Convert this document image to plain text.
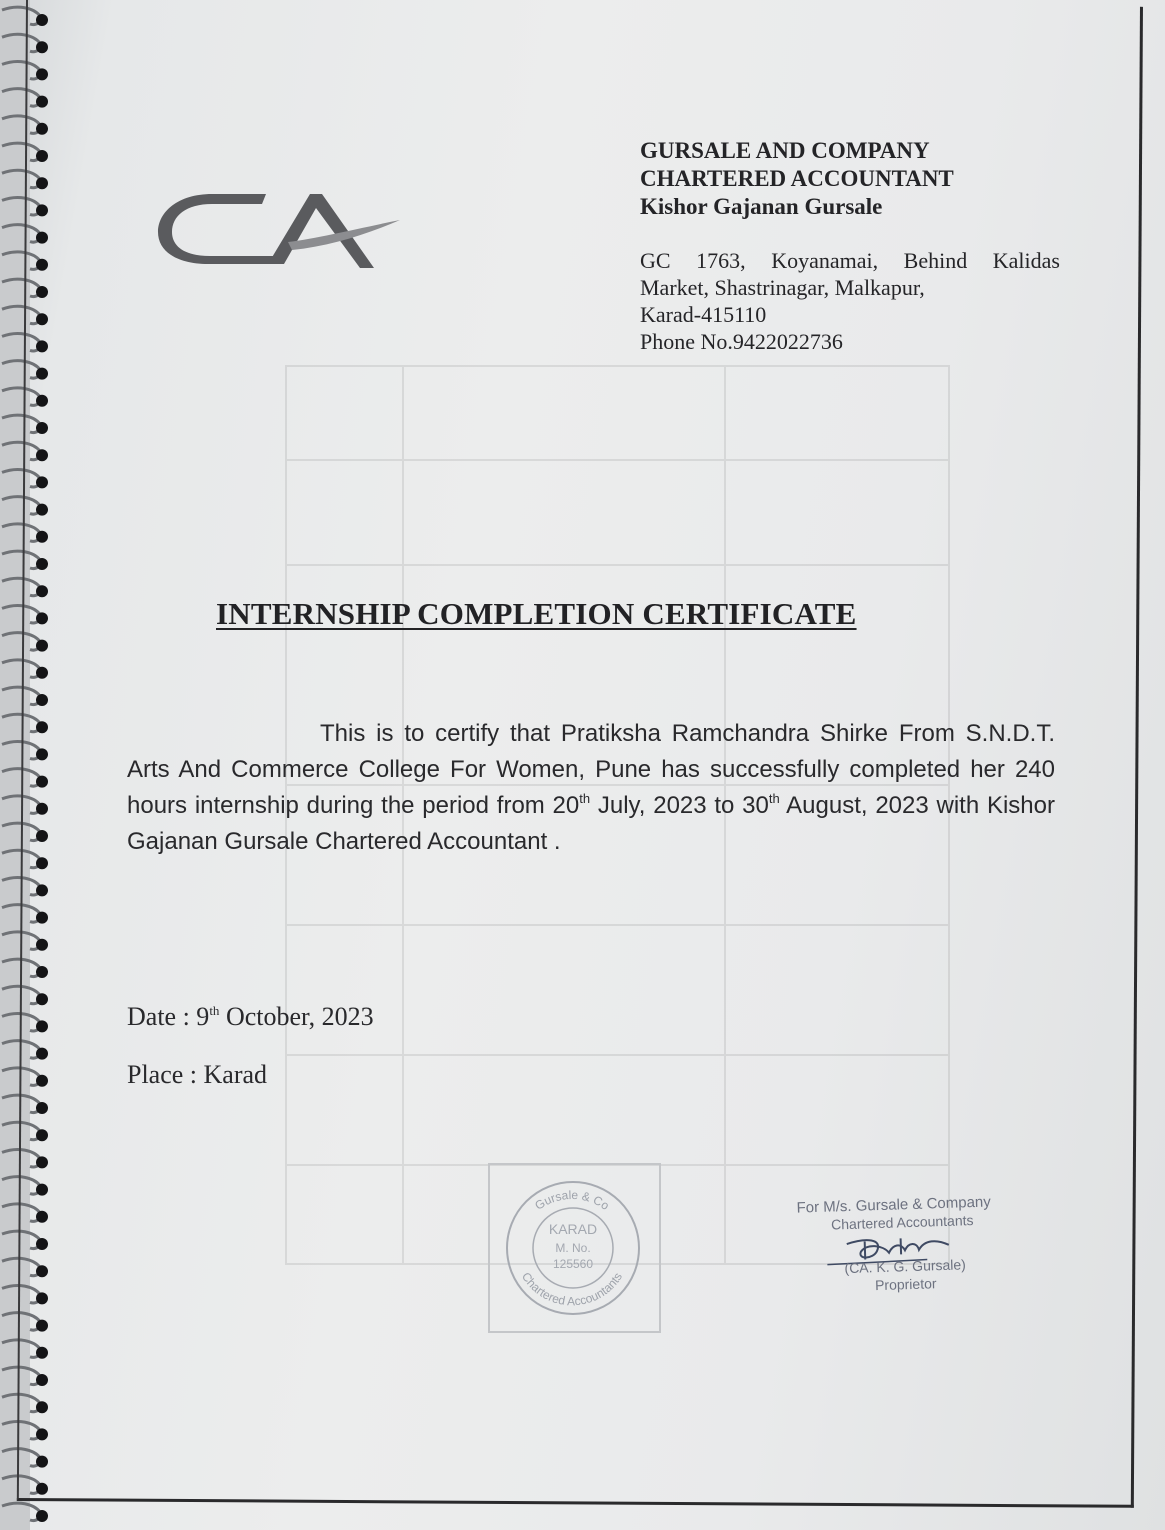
GURSALE AND COMPANY
CHARTERED ACCOUNTANT
Kishor Gajanan Gursale
GC 1763, Koyanamai, Behind Kalidas
Market, Shastrinagar, Malkapur,
Karad-415110
Phone No.9422022736
INTERNSHIP COMPLETION CERTIFICATE
This is to certify that Pratiksha Ramchandra Shirke From S.N.D.T. Arts And Commerce College For Women, Pune has successfully completed her 240 hours internship during the period from 20th July, 2023 to 30th August, 2023 with Kishor Gajanan Gursale Chartered Accountant .
Date : 9th October, 2023
Place : Karad
Gursale & Co
Chartered Accountants
KARAD
M. No.
125560
For M/s. Gursale & Company
Chartered Accountants
(CA. K. G. Gursale)
Proprietor
